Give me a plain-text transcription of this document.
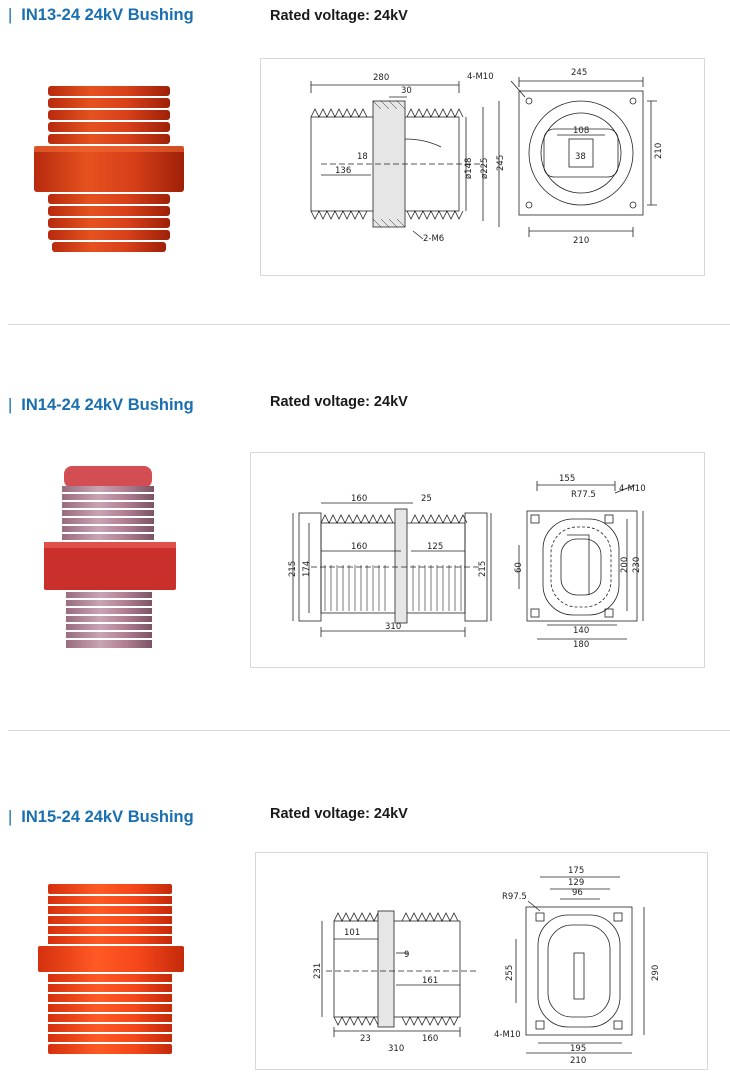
| IN13-24 24kV Bushing	Rated voltage: 24kV
280
30
18
136	ø148 ø225 245
2-M6
4-M10	245
108
38	210
210
| IN14-24 24kV Bushing	Rated voltage: 24kV
160	25
160	125
215 174	215
310
155
R77.5
4-M10
60	200 230
140
180
| IN15-24 24kV Bushing	Rated voltage: 24kV
101
9
231
161
23	160
310
175
129
96
R97.5
255	290
4-M10
195
210
